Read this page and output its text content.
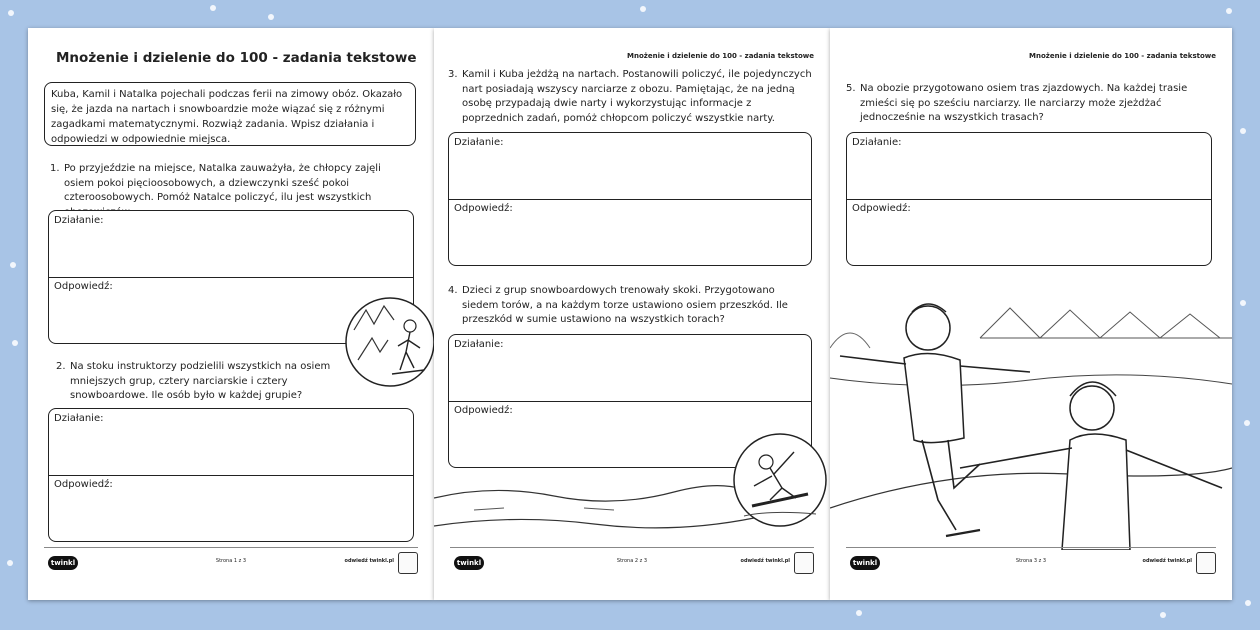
Mnożenie i dzielenie do 100 - zadania tekstowe
Kuba, Kamil i Natalka pojechali podczas ferii na zimowy obóz. Okazało się, że jazda na nartach i snowboardzie może wiązać się z różnymi zagadkami matematycznymi. Rozwiąż zadania. Wpisz działania i odpowiedzi w odpowiednie miejsca.
1. Po przyjeździe na miejsce, Natalka zauważyła, że chłopcy zajęli osiem pokoi pięcioosobowych, a dziewczynki sześć pokoi czteroosobowych. Pomóż Natalce policzyć, ilu jest wszystkich
Działanie:
Odpowiedź:
2. Na stoku instruktorzy podzielili wszystkich na osiem mniejszych grup, cztery narciarskie i cztery snowboardowe. Ile osób było w każdej grupie?
Działanie:
Odpowiedź:
twinkl	Strona 1 z 3	odwiedź twinkl.pl
Mnożenie i dzielenie do 100 - zadania tekstowe
3. Kamil i Kuba jeżdżą na nartach. Postanowili policzyć, ile pojedynczych nart posiadają wszyscy narciarze z obozu. Pamiętając, że na jedną osobę przypadają dwie narty i wykorzystując informacje z poprzednich zadań, pomóż chłopcom policzyć wszystkie narty.
Działanie:
Odpowiedź:
4. Dzieci z grup snowboardowych trenowały skoki. Przygotowano siedem torów, a na każdym torze ustawiono osiem przeszkód. Ile przeszkód w sumie ustawiono na wszystkich torach?
Działanie:
Odpowiedź:
twinkl	Strona 2 z 3	odwiedź twinkl.pl
Mnożenie i dzielenie do 100 - zadania tekstowe
5. Na obozie przygotowano osiem tras zjazdowych. Na każdej trasie zmieści się po sześciu narciarzy. Ile narciarzy może zjeżdżać jednocześnie na wszystkich trasach?
Działanie:
Odpowiedź:
twinkl	Strona 3 z 3	odwiedź twinkl.pl
